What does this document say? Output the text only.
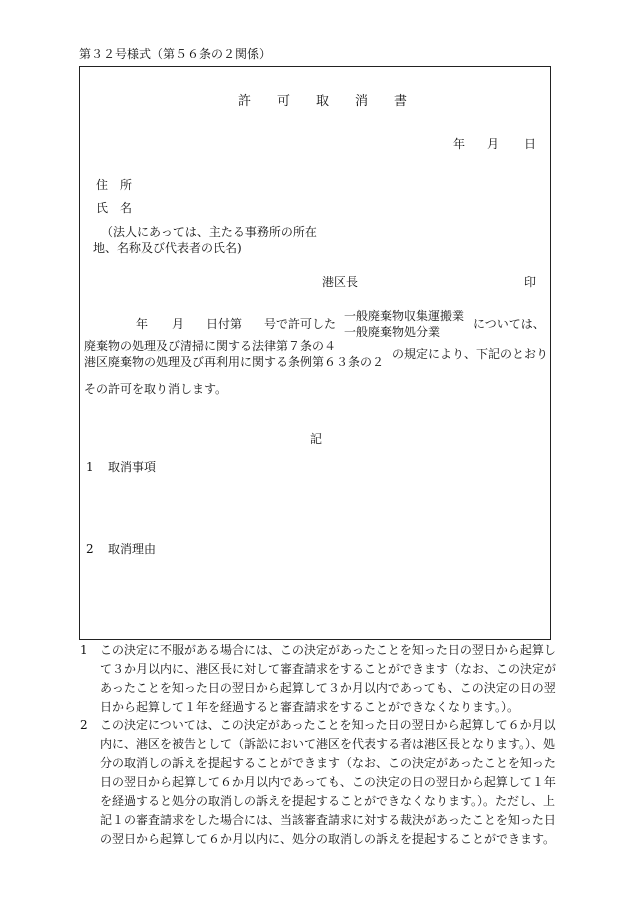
第３２号様式（第５６条の２関係）
許　　可　　取　　消　　書
年 月 日
住　所
氏　名
（法人にあっては、主たる事務所の所在
地、名称及び代表者の氏名)
港区長	印
年 月 日付第 号で許可した
一般廃棄物収集運搬業
一般廃棄物処分業
については、
廃棄物の処理及び清掃に関する法律第７条の４
港区廃棄物の処理及び再利用に関する条例第６３条の２
の規定により、下記のとおり
その許可を取り消します。
記
1 取消事項
2 取消理由
1	この決定に不服がある場合には、この決定があったことを知った日の翌日から起算して３か月以内に、港区長に対して審査請求をすることができます（なお、この決定があったことを知った日の翌日から起算して３か月以内であっても、この決定の日の翌日から起算して１年を経過すると審査請求をすることができなくなります。）。
2	この決定については、この決定があったことを知った日の翌日から起算して６か月以内に、港区を被告として（訴訟において港区を代表する者は港区長となります。）、処分の取消しの訴えを提起することができます（なお、この決定があったことを知った日の翌日から起算して６か月以内であっても、この決定の日の翌日から起算して１年を経過すると処分の取消しの訴えを提起することができなくなります。）。ただし、上記１の審査請求をした場合には、当該審査請求に対する裁決があったことを知った日の翌日から起算して６か月以内に、処分の取消しの訴えを提起することができます。
